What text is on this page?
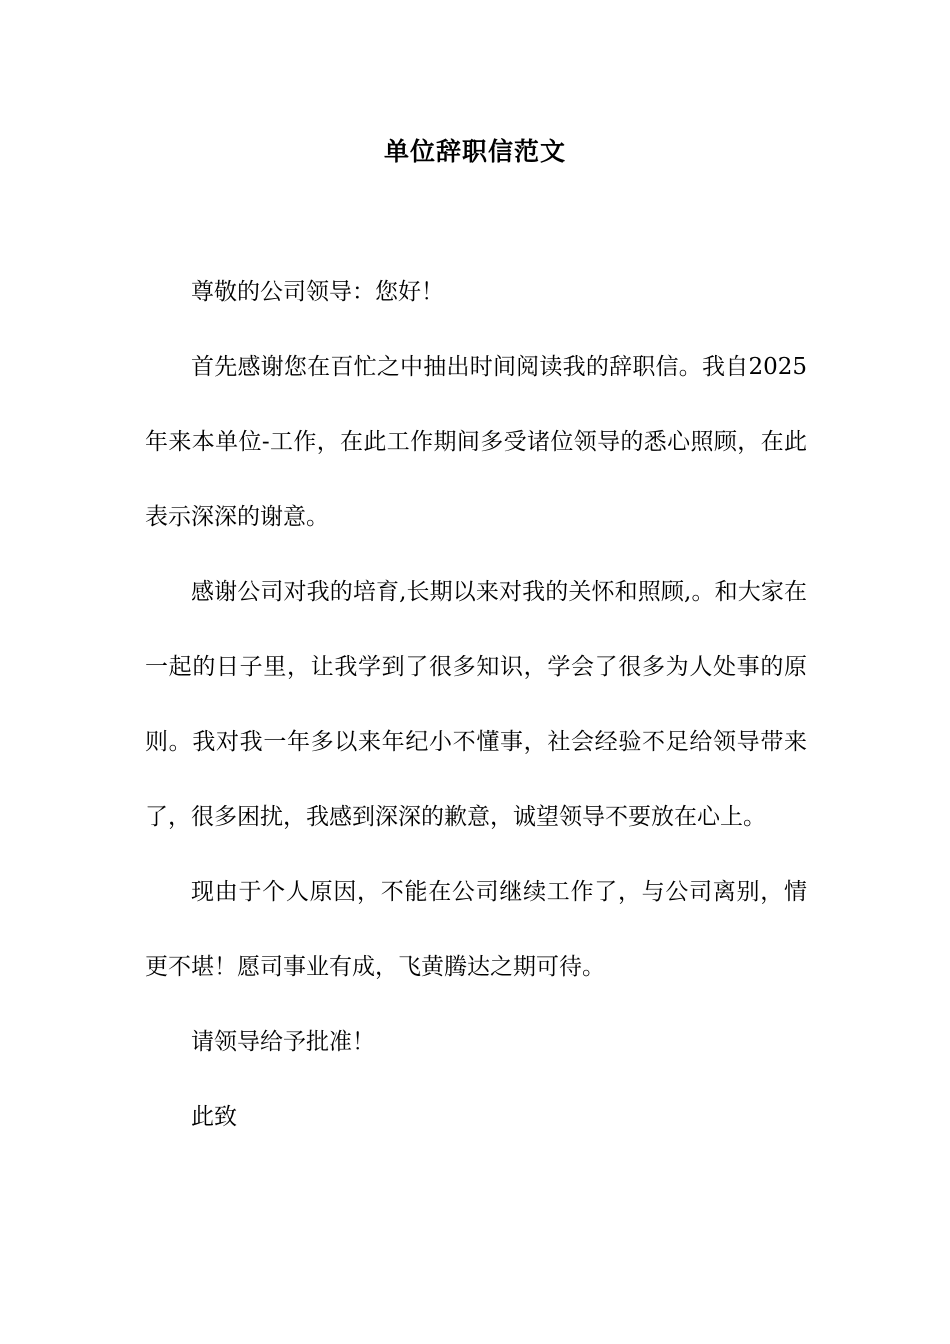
单位辞职信范文

尊敬的公司领导：您好！

首先感谢您在百忙之中抽出时间阅读我的辞职信。我自2025年来本单位-工作，在此工作期间多受诸位领导的悉心照顾，在此表示深深的谢意。

感谢公司对我的培育,长期以来对我的关怀和照顾,。和大家在一起的日子里，让我学到了很多知识，学会了很多为人处事的原则。我对我一年多以来年纪小不懂事，社会经验不足给领导带来了，很多困扰，我感到深深的歉意，诚望领导不要放在心上。

现由于个人原因，不能在公司继续工作了，与公司离别，情更不堪！愿司事业有成，飞黄腾达之期可待。

请领导给予批准！

此致
